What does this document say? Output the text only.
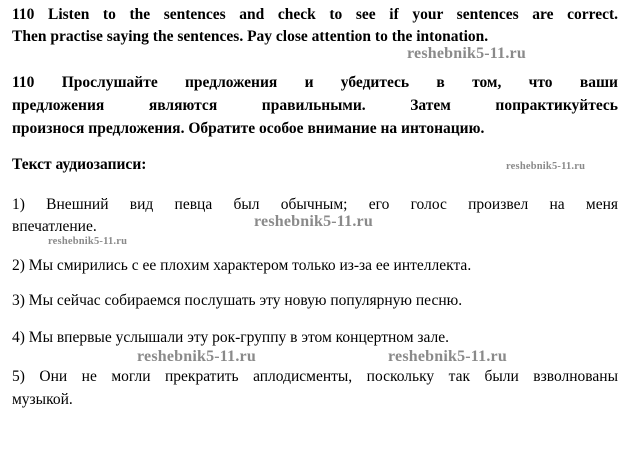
110 Listen to the sentences and check to see if your sentences are correct.
Then practise saying the sentences. Pay close attention to the intonation.
reshebnik5-11.ru
110 Прослушайте предложения и убедитесь в том, что ваши
предложения являются правильными. Затем попрактикуйтесь
произнося предложения. Обратите особое внимание на интонацию.
Текст аудиозаписи:	reshebnik5-11.ru
1) Внешний вид певца был обычным; его голос произвел на меня
впечатление.	reshebnik5-11.ru
reshebnik5-11.ru
2) Мы смирились с ее плохим характером только из-за ее интеллекта.
3) Мы сейчас собираемся послушать эту новую популярную песню.
4) Мы впервые услышали эту рок-группу в этом концертном зале.
reshebnik5-11.ru	reshebnik5-11.ru
5) Они не могли прекратить аплодисменты, поскольку так были взволнованы
музыкой.
